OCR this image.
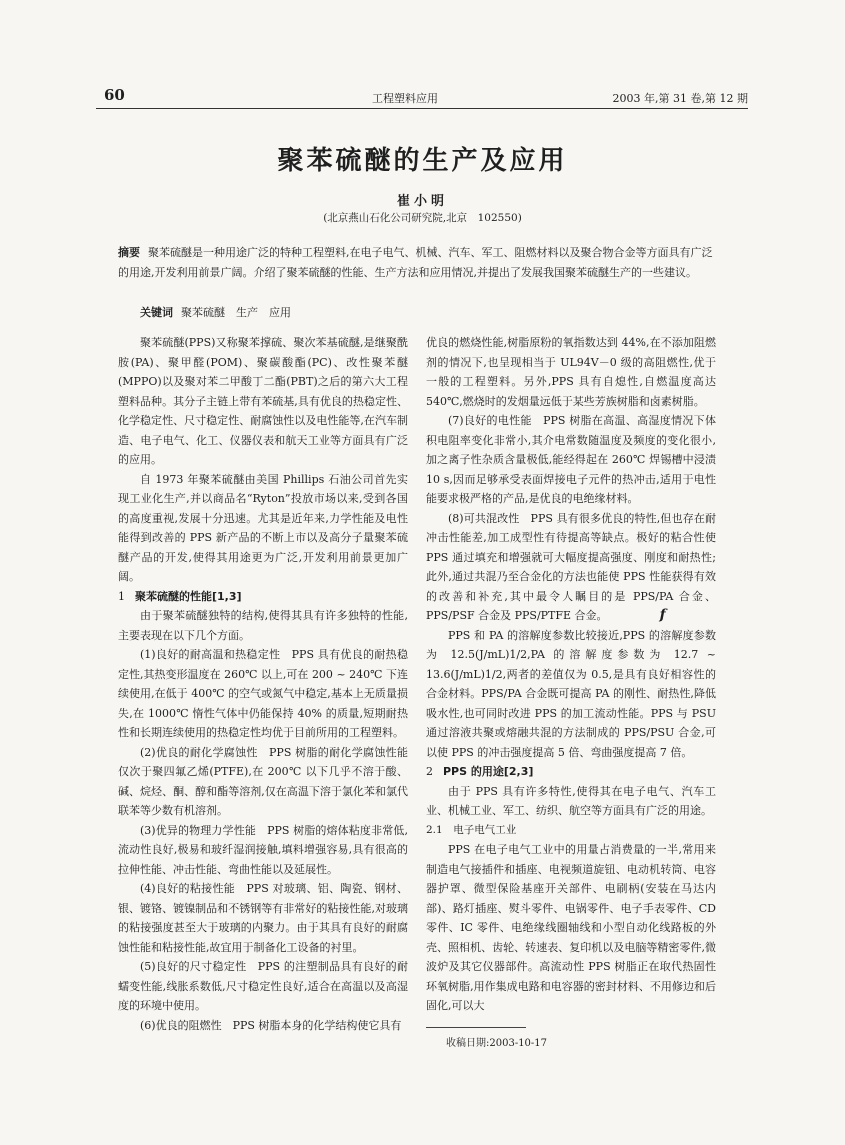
60	工程塑料应用	2003 年,第 31 卷,第 12 期
聚苯硫醚的生产及应用
崔小明
(北京燕山石化公司研究院,北京　102550)
摘要 聚苯硫醚是一种用途广泛的特种工程塑料,在电子电气、机械、汽车、军工、阻燃材料以及聚合物合金等方面具有广泛的用途,开发利用前景广阔。介绍了聚苯硫醚的性能、生产方法和应用情况,并提出了发展我国聚苯硫醚生产的一些建议。
关键词 聚苯硫醚　生产　应用

聚苯硫醚(PPS)又称聚苯撑硫、聚次苯基硫醚,是继聚酰胺(PA)、聚甲醛(POM)、聚碳酸酯(PC)、改性聚苯醚(MPPO)以及聚对苯二甲酸丁二酯(PBT)之后的第六大工程塑料品种。其分子主链上带有苯硫基,具有优良的热稳定性、化学稳定性、尺寸稳定性、耐腐蚀性以及电性能等,在汽车制造、电子电气、化工、仪器仪表和航天工业等方面具有广泛的应用。

自 1973 年聚苯硫醚由美国 Phillips 石油公司首先实现工业化生产,并以商品名“Ryton”投放市场以来,受到各国的高度重视,发展十分迅速。尤其是近年来,力学性能及电性能得到改善的 PPS 新产品的不断上市以及高分子量聚苯硫醚产品的开发,使得其用途更为广泛,开发利用前景更加广阔。

1 聚苯硫醚的性能[1,3]

由于聚苯硫醚独特的结构,使得其具有许多独特的性能,主要表现在以下几个方面。

(1)良好的耐高温和热稳定性　PPS 具有优良的耐热稳定性,其热变形温度在 260℃ 以上,可在 200 ~ 240℃ 下连续使用,在低于 400℃ 的空气或氮气中稳定,基本上无质量损失,在 1000℃ 惰性气体中仍能保持 40% 的质量,短期耐热性和长期连续使用的热稳定性均优于目前所用的工程塑料。

(2)优良的耐化学腐蚀性　PPS 树脂的耐化学腐蚀性能仅次于聚四氟乙烯(PTFE),在 200℃ 以下几乎不溶于酸、碱、烷烃、酮、醇和酯等溶剂,仅在高温下溶于氯化苯和氯代联苯等少数有机溶剂。

(3)优异的物理力学性能　PPS 树脂的熔体粘度非常低,流动性良好,极易和玻纤湿润接触,填料增强容易,具有很高的拉伸性能、冲击性能、弯曲性能以及延展性。

(4)良好的粘接性能　PPS 对玻璃、铝、陶瓷、钢材、银、镀铬、镀镍制品和不锈钢等有非常好的粘接性能,对玻璃的粘接强度甚至大于玻璃的内聚力。由于其具有良好的耐腐蚀性能和粘接性能,故宜用于制备化工设备的衬里。

(5)良好的尺寸稳定性　PPS 的注塑制品具有良好的耐蠕变性能,线胀系数低,尺寸稳定性良好,适合在高温以及高湿度的环境中使用。

(6)优良的阻燃性　PPS 树脂本身的化学结构使它具有

优良的燃烧性能,树脂原粉的氧指数达到 44%,在不添加阻燃剂的情况下,也呈现相当于 UL94V－0 级的高阻燃性,优于一般的工程塑料。另外,PPS 具有自熄性,自燃温度高达 540℃,燃烧时的发烟量远低于某些芳族树脂和卤素树脂。

(7)良好的电性能　PPS 树脂在高温、高湿度情况下体积电阻率变化非常小,其介电常数随温度及频度的变化很小,加之离子性杂质含量极低,能经得起在 260℃ 焊锡槽中浸渍 10 s,因而足够承受表面焊接电子元件的热冲击,适用于电性能要求极严格的产品,是优良的电绝缘材料。

(8)可共混改性　PPS 具有很多优良的特性,但也存在耐冲击性能差,加工成型性有待提高等缺点。极好的粘合性使 PPS 通过填充和增强就可大幅度提高强度、刚度和耐热性;此外,通过共混乃至合金化的方法也能使 PPS 性能获得有效的改善和补充,其中最令人瞩目的是 PPS/PA 合金、PPS/PSF 合金及 PPS/PTFE 合金。	f

PPS 和 PA 的溶解度参数比较接近,PPS 的溶解度参数为 12.5(J/mL)1/2,PA 的溶解度参数为 12.7 ~ 13.6(J/mL)1/2,两者的差值仅为 0.5,是具有良好相容性的合金材料。PPS/PA 合金既可提高 PA 的刚性、耐热性,降低吸水性,也可同时改进 PPS 的加工流动性能。PPS 与 PSU 通过溶液共聚或熔融共混的方法制成的 PPS/PSU 合金,可以使 PPS 的冲击强度提高 5 倍、弯曲强度提高 7 倍。

2 PPS 的用途[2,3]

由于 PPS 具有许多特性,使得其在电子电气、汽车工业、机械工业、军工、纺织、航空等方面具有广泛的用途。

2.1　电子电气工业

PPS 在电子电气工业中的用量占消费量的一半,常用来制造电气接插件和插座、电视频道旋钮、电动机转筒、电容器护罩、微型保险基座开关部件、电刷柄(安装在马达内部)、路灯插座、熨斗零件、电锅零件、电子手表零件、CD 零件、IC 零件、电绝缘线圈轴线和小型自动化线路板的外壳、照相机、齿轮、转速表、复印机以及电脑等精密零件,微波炉及其它仪器部件。高流动性 PPS 树脂正在取代热固性环氧树脂,用作集成电路和电容器的密封材料、不用修边和后固化,可以大

收稿日期:2003-10-17
